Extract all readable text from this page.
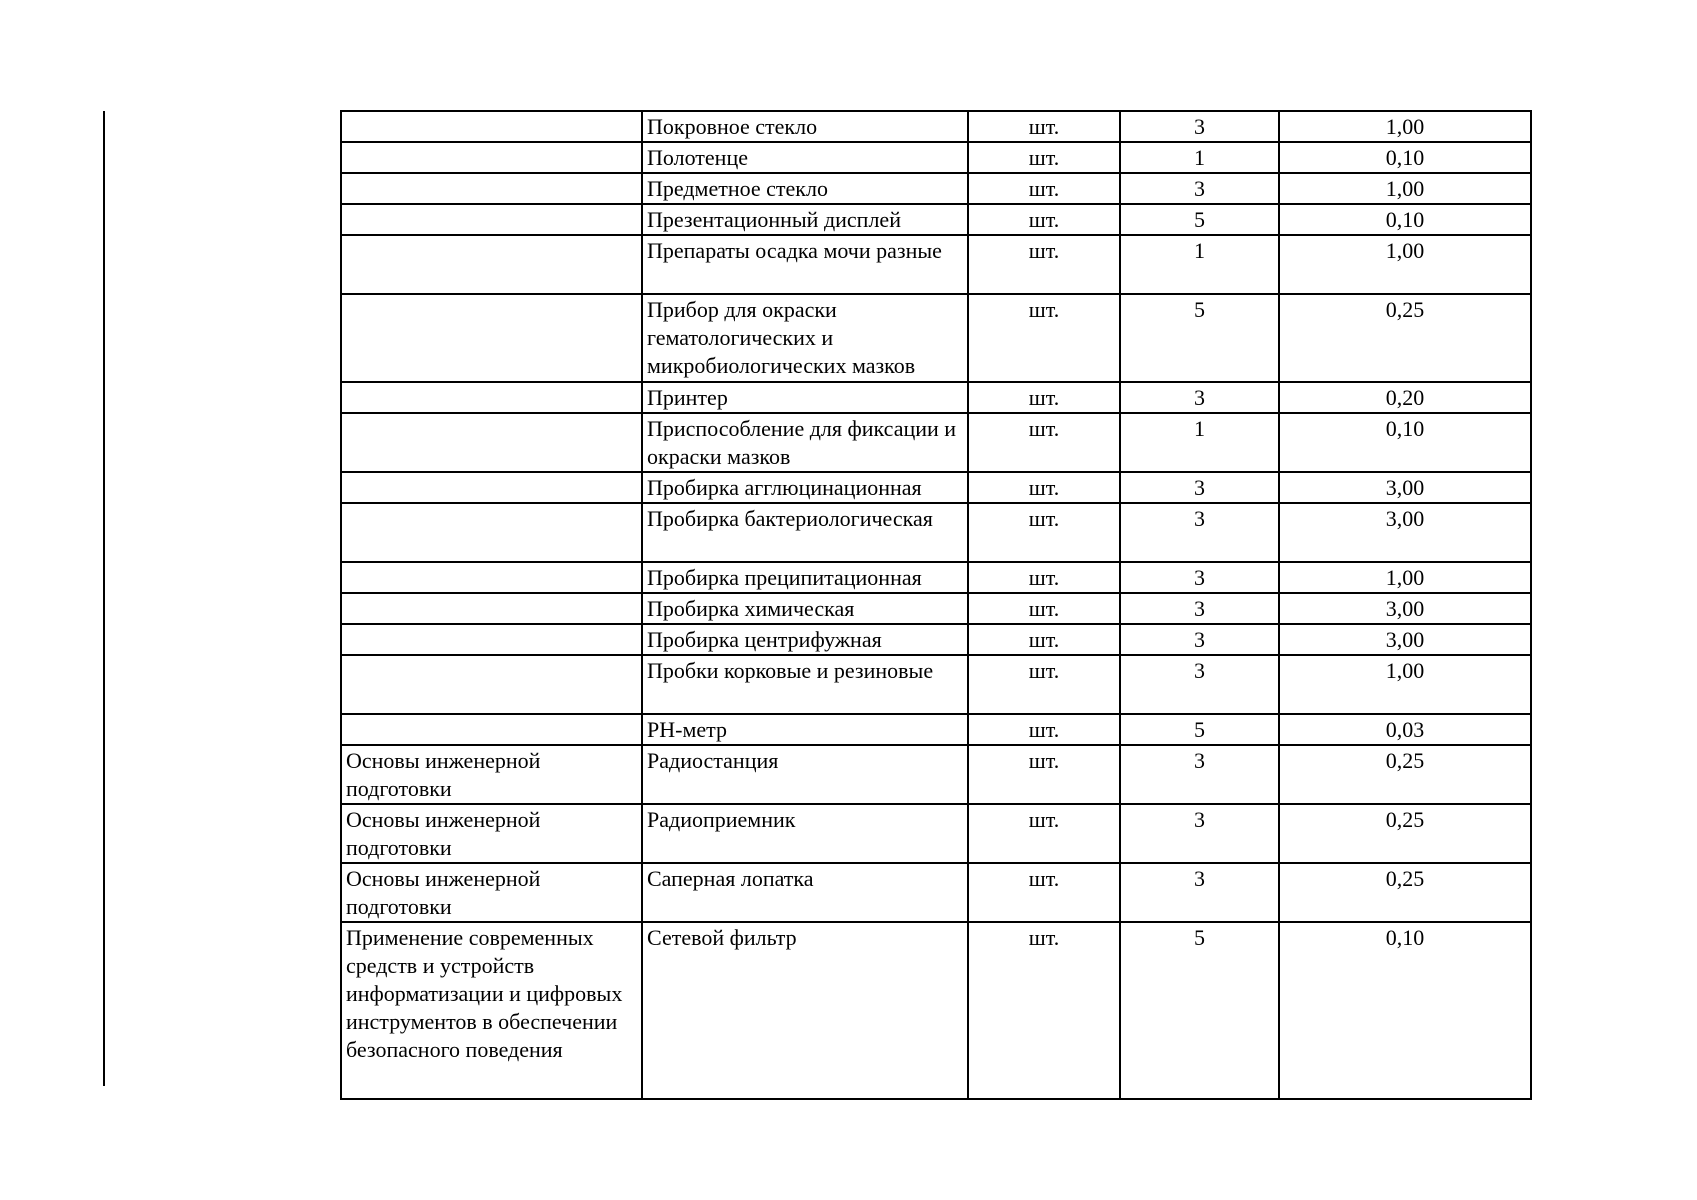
	Покровное стекло	шт.	3	1,00
	Полотенце	шт.	1	0,10
	Предметное стекло	шт.	3	1,00
	Презентационный дисплей	шт.	5	0,10
	Препараты осадка мочи разные	шт.	1	1,00
	Прибор для окраски гематологических и микробиологических мазков	шт.	5	0,25
	Принтер	шт.	3	0,20
	Приспособление для фиксации и окраски мазков	шт.	1	0,10
	Пробирка агглюцинационная	шт.	3	3,00
	Пробирка бактериологическая	шт.	3	3,00
	Пробирка преципитационная	шт.	3	1,00
	Пробирка химическая	шт.	3	3,00
	Пробирка центрифужная	шт.	3	3,00
	Пробки корковые и резиновые	шт.	3	1,00
	PH-метр	шт.	5	0,03
Основы инженерной подготовки	Радиостанция	шт.	3	0,25
Основы инженерной подготовки	Радиоприемник	шт.	3	0,25
Основы инженерной подготовки	Саперная лопатка	шт.	3	0,25
Применение современных средств и устройств информатизации и цифровых инструментов в обеспечении безопасного поведения	Сетевой фильтр	шт.	5	0,10
